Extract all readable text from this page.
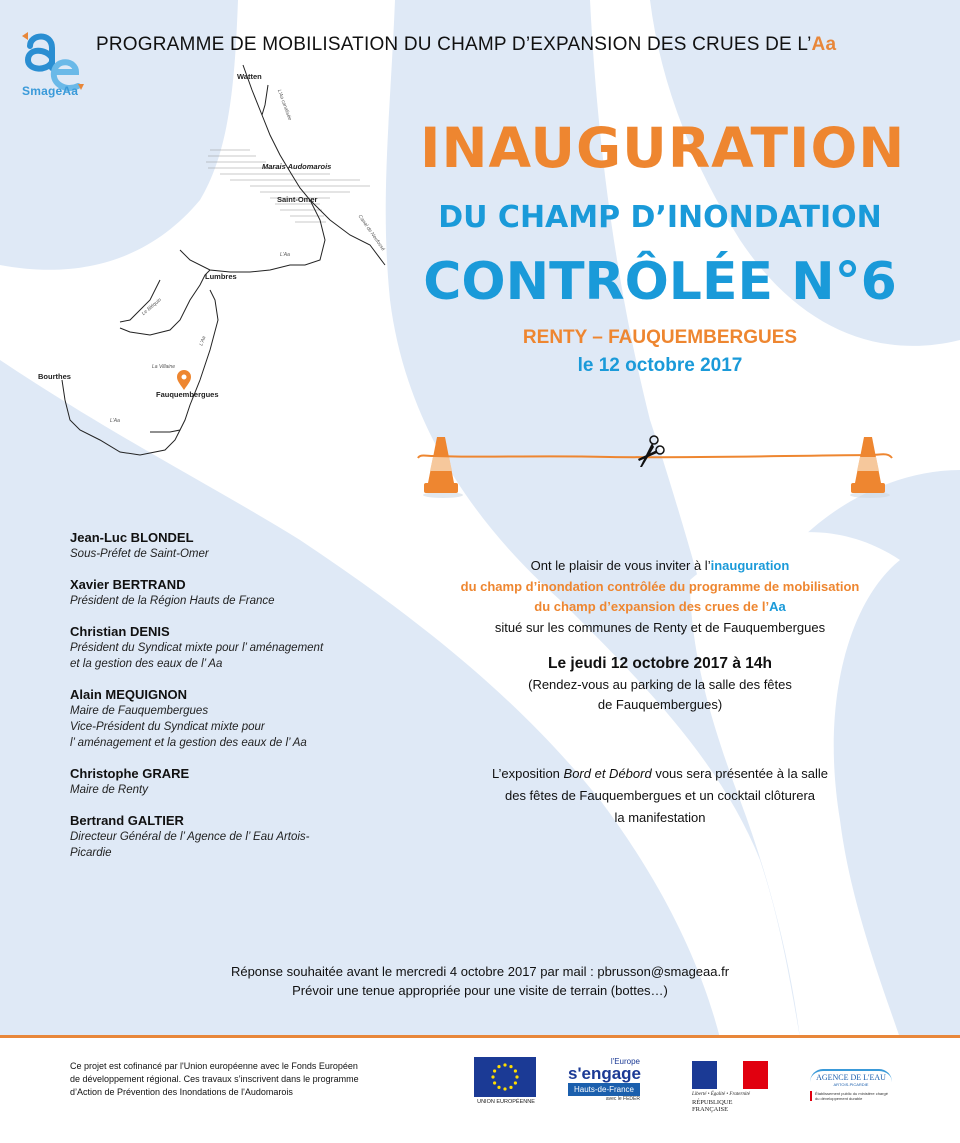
SmageAa
PROGRAMME DE MOBILISATION DU CHAMP D’EXPANSION DES CRUES DE L’Aa
Watten
L'Aa canalisée
Marais Audomarois
Saint-Omer
Canal de Neufossé
L'Aa
Lumbres
Le Bléquin
L'Aa
La Villaine
Bourthes
Fauquembergues
L'Aa
INAUGURATION
DU CHAMP D’INONDATION
CONTRÔLÉE N°6
RENTY – FAUQUEMBERGUES
le 12 octobre 2017
Jean-Luc BLONDEL
Sous-Préfet de Saint-Omer
Xavier BERTRAND
Président de la Région Hauts de France
Christian DENIS
Président du Syndicat mixte pour l’ aménagement
et la gestion des eaux de l’ Aa
Alain MEQUIGNON
Maire de Fauquembergues
Vice-Président du Syndicat mixte pour
l’ aménagement et la gestion des eaux de l’ Aa
Christophe GRARE
Maire de Renty
Bertrand GALTIER
Directeur Général de l’ Agence de l’ Eau Artois-
Picardie
Ont le plaisir de vous inviter à l’inauguration
du champ d’inondation contrôlée du programme de mobilisation
du champ d’expansion des crues de l’Aa
situé sur les communes de Renty et de Fauquembergues
Le jeudi 12 octobre 2017 à 14h
(Rendez-vous au parking de la salle des fêtes
de Fauquembergues)
L’exposition Bord et Débord vous sera présentée à la salle
des fêtes de Fauquembergues et un cocktail clôturera
la manifestation
Réponse souhaitée avant le mercredi 4 octobre 2017 par mail : pbrusson@smageaa.fr
Prévoir une tenue appropriée pour une visite de terrain (bottes…)
Ce projet est cofinancé par l'Union européenne avec le Fonds Européen
de développement régional. Ces travaux s’inscrivent dans le programme
d’Action de Prévention des Inondations de l'Audomarois
UNION EUROPÉENNE
l'Europe
s'engage
Hauts-de-France
avec le FEDER
Liberté • Égalité • Fraternité
RÉPUBLIQUE FRANÇAISE
AGENCE DE L'EAU
ARTOIS-PICARDIE
Établissement public du ministère chargé du développement durable
